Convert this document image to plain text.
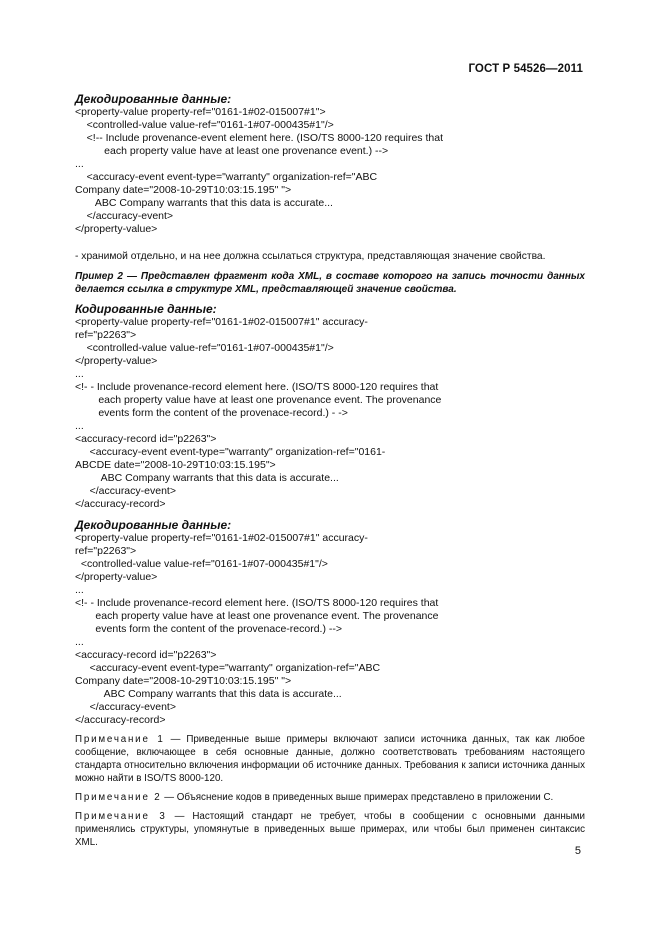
ГОСТ Р 54526—2011

Декодированные данные:

<property-value property-ref="0161-1#02-015007#1">
<controlled-value value-ref="0161-1#07-000435#1"/>
<!-- Include provenance-event element here. (ISO/TS 8000-120 requires that
each property value have at least one provenance event.) -->
...
<accuracy-event event-type="warranty" organization-ref="ABC
Company date="2008-10-29T10:03:15.195" ">
ABC Company warrants that this data is accurate...
</accuracy-event>
</property-value>

- хранимой отдельно, и на нее должна ссылаться структура, представляющая значение свойства.

Пример 2 — Представлен фрагмент кода XML, в составе которого на запись точности данных делается ссылка в структуре XML, представляющей значение свойства.

Кодированные данные:

<property-value property-ref="0161-1#02-015007#1" accuracy-
ref="p2263">
<controlled-value value-ref="0161-1#07-000435#1"/>
</property-value>
...
<!- - Include provenance-record element here. (ISO/TS 8000-120 requires that
each property value have at least one provenance event. The provenance
events form the content of the provenace-record.) - ->
...
<accuracy-record id="p2263">
<accuracy-event event-type="warranty" organization-ref="0161-
ABCDE date="2008-10-29T10:03:15.195">
ABC Company warrants that this data is accurate...
</accuracy-event>
</accuracy-record>

Декодированные данные:

<property-value property-ref="0161-1#02-015007#1" accuracy-
ref="p2263">
<controlled-value value-ref="0161-1#07-000435#1"/>
</property-value>
...
<!- - Include provenance-record element here. (ISO/TS 8000-120 requires that
each property value have at least one provenance event. The provenance
events form the content of the provenace-record.) -->
...
<accuracy-record id="p2263">
<accuracy-event event-type="warranty" organization-ref="ABC
Company date="2008-10-29T10:03:15.195" ">
ABC Company warrants that this data is accurate...
</accuracy-event>
</accuracy-record>

Примечание 1 — Приведенные выше примеры включают записи источника данных, так как любое сообщение, включающее в себя основные данные, должно соответствовать требованиям настоящего стандарта относительно включения информации об источнике данных. Требования к записи источника данных можно найти в ISO/TS 8000-120.

Примечание 2 — Объяснение кодов в приведенных выше примерах представлено в приложении С.

Примечание 3 — Настоящий стандарт не требует, чтобы в сообщении с основными данными применялись структуры, упомянутые в приведенных выше примерах, или чтобы был применен синтаксис XML.

5
